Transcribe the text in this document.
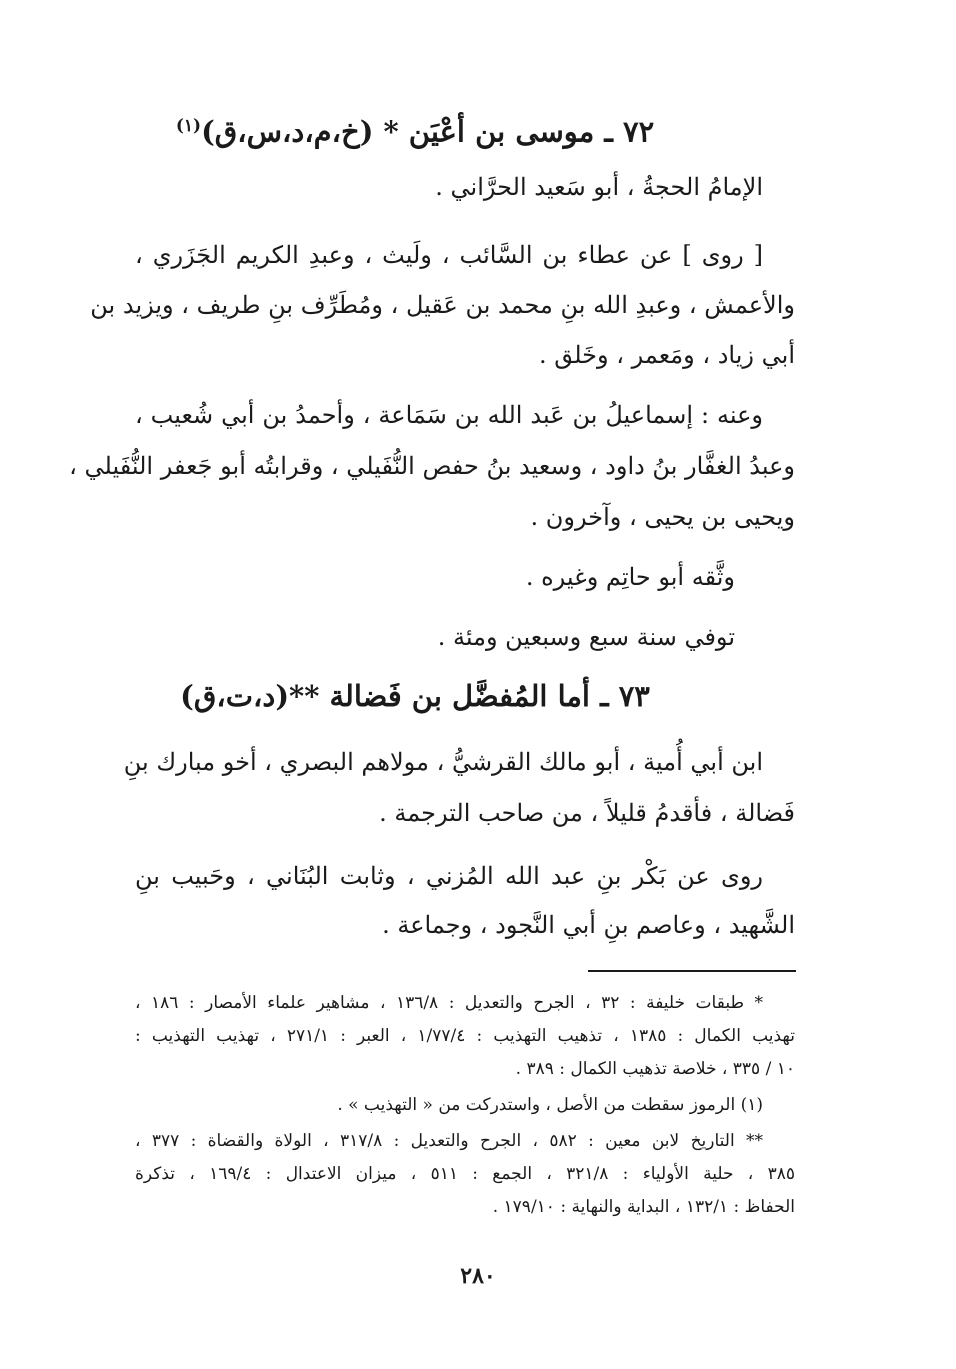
٧٢ ـ موسى بن أعْيَن * (خ،م،د،س،ق)$^{(١)}$
الإمامُ الحجةُ ، أبو سَعيد الحرَّاني .
[ روى ] عن عطاء بن السَّائب ، ولَيث ، وعبدِ الكريم الجَزَري ،
والأعمش ، وعبدِ الله بنِ محمد بن عَقيل ، ومُطَرِّف بنِ طريف ، ويزيد بن
أبي زياد ، ومَعمر ، وخَلق .
وعنه : إسماعيلُ بن عَبد الله بن سَمَاعة ، وأحمدُ بن أبي شُعيب ،
وعبدُ الغفَّار بنُ داود ، وسعيد بنُ حفص النُّفَيلي ، وقرابتُه أبو جَعفر النُّفَيلي ،
ويحيى بن يحيى ، وآخرون .
وثَّقه أبو حاتِم وغيره .
توفي سنة سبع وسبعين ومئة .
٧٣ ـ أما المُفضَّل بن فَضالة **(د،ت،ق)
ابن أبي أُمية ، أبو مالك القرشيُّ ، مولاهم البصري ، أخو مبارك بنِ
فَضالة ، فأقدمُ قليلاً ، من صاحب الترجمة .
روى عن بَكْر بنِ عبد الله المُزني ، وثابت البُنَاني ، وحَبيب بنِ
الشَّهيد ، وعاصم بنِ أبي النَّجود ، وجماعة .
* طبقات خليفة : ٣٢ ، الجرح والتعديل : ١٣٦/٨ ، مشاهير علماء الأمصار : ١٨٦ ،
تهذيب الكمال : ١٣٨٥ ، تذهيب التهذيب : ١/٧٧/٤ ، العبر : ٢٧١/١ ، تهذيب التهذيب :
١٠ / ٣٣٥ ، خلاصة تذهيب الكمال : ٣٨٩ .
(١) الرموز سقطت من الأصل ، واستدركت من « التهذيب » .
** التاريخ لابن معين : ٥٨٢ ، الجرح والتعديل : ٣١٧/٨ ، الولاة والقضاة : ٣٧٧ ،
٣٨٥ ، حلية الأولياء : ٣٢١/٨ ، الجمع : ٥١١ ، ميزان الاعتدال : ١٦٩/٤ ، تذكرة
الحفاظ : ١٣٢/١ ، البداية والنهاية : ١٧٩/١٠ .
٢٨٠
